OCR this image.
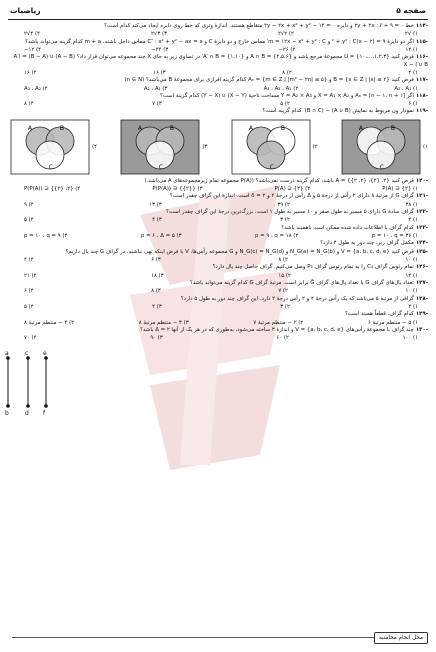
صفحه ۵
ریاضیات
-۱۱۴خط ۰ = ۹ + ۲y + ۲x : ℓ و دایره ۰ = ۱۴ − ۲y − ۲x + x² + y² متقاطع هستند. اندازهٔ وتری که خط روی دایره ایجاد می‌کند کدام است؟
۱) √۲
۲) ۲√۲
۳) ۳√۲
۴) ۴√۲
-۱۱۵اگر دو دایرهٔ ۹ = (x − ۲)² + y² : C و m = ۱۲x − x² + y² : C′ مماس خارج و دو دایرهٔ C و C″ : x² + y² − ax = a مماس داخل باشند، m + a کدام گزینه می‌تواند باشد؟
۱) ۱۲
۲) ۲۶−
۳) ۲۴−
۴) ۱۲−
-۱۱۶فرض کنید {۱،۲،۳،…،۱۰} = U مجموعهٔ مرجع باشد و {۴،۵،۶} = A ∩ B و {۱،۱۰} = A′ ∩ B′ در تساوی زیر به جای X چند مجموعه می‌توان قرار داد؟ (A − B) ∪ (B − A) = (A′ ∪ B′) − X
۱) ۴
۲) ۸
۳) ۱۶
۴) ۱۶
-۱۱۷فرض کنید {x ∈ Z | |x| ≤ ۲} = B و {m ∈ Z | |m² − ۲n| ≤ ۵} = Aₙ کدام گزینه افرازی برای مجموعهٔ B می‌باشد؟ (n ∈ N)
۱) A₂ ، A₁
۲) A₃ ، A₂ ، A₁
۳) A₂ ، A₁
۴) A₃ ، A₂
-۱۱۸اگر [n − ۱، n + ۱] = Aₙ و X = A₁ × A₂ و Y = A₂ × A₃ مساحت ناحیهٔ (X − Y) ∪ (Y − X) کدام گزینه است؟
۱) ۶
۲) ۵
۳) ۷
۴) ۸
-۱۱۹نمودار ون مربوط به نمایش (A ∪ B) − (B ∩ C)′ کدام گزینه است؟
۱)
A	B
C
۲)
A	B
C
۳)
A	B
C
۴)
A	B
C
-۱۲۰قرض کنید {۲، {۲}، {۲، ۲}} = A باشد، کدام گزینه درست نمی‌باشد؟ (P(A) مجموعه تمام زیرمجموعه‌های A می‌باشد.)
۱) {۲} ∈ P(A)
۲) {۲} ⊆ P(A)
۳) {{۲}} ∈ P(P(A))
۴) {۲، {۲}} ⊆ P(P(A))
-۱۲۱گراف G از مرتبهٔ ۸ دارای ۲ رأس از درجهٔ ۵ و Δ رأس از درجهٔ ۲ و δ = ۲ است. اندازهٔ این گراف چقدر است؟
۱) ۳۸
۲) ۳۹
۳) ۱۳
۴) ۹
-۱۲۲گراف سادهٔ G دارای ۵ مسیر به طول صفر و ۱۰ مسیر به طول ۱ است. بزرگ‌ترین درجهٔ این گراف چقدر است؟
۱) ۲
۲) ۳
۳) ۴
۴) ۵
-۱۲۳کدام گراف با اطلاعات داده شده ممکن است ناهمبند باشد؟
۱) p = ۱۰ ، q = ۳۶
۲) p = ۹ ، q = ۱۸
۳) p = ۶ ، Δ = ۵
۴) p = ۱۰ ، q = ۹
-۱۲۴مکمل گراف زیر، چند دور به طول ۴ دارد؟
-۱۲۵فرض کنید {a، b، c، d، e} = V و N_G(a) = N_G(b) و N_G(c) = N_G(d) و G مجموعه رأس‌ها، V با فرض اینکه تهی نباشند، در گراف G چند یال داریم؟
۱) ۱۰
۲) ۸
۳) ۶
۴) ۴
-۱۲۶تمام رئوس گراف C₄ را به تمام رئوس گراف P₃ وصل می‌کنیم. گراف حاصل چند یال دارد؟
۱) ۱۲
۲) ۱۵
۳) ۱۸
۴) ۲۱
-۱۲۷تعداد یال‌های گراف G با تعداد یال‌های گراف Ḡ برابر است. مرتبهٔ گراف G کدام گزینه می‌تواند باشد؟
۱) ۱۰
۲) ۷
۳) ۸
۴) ۶
-۱۲۸گرافی از مرتبهٔ ۵ می‌باشد که یک رأس درجهٔ ۴ و ۲ رأس درجهٔ ۲ دارد. این گراف چند دور به طول ۵ دارد؟
۱) ۲
۲) ۳
۳) ۴
۴) ۵
-۱۲۹کدام گراف، قطعاً همبند است؟
۱) ۵ − منتظم مرتبهٔ ۶
۲) ۲ − منتظم مرتبهٔ ۷
۳) ۳ − منتظم مرتبهٔ ۸
۴) ۴ − منتظم مرتبهٔ ۸
-۱۳۰چند گراف با مجموعهٔ رأس‌های {a، b، c، d، e} = V و اندازهٔ ۳ ساخته می‌شود، به‌طوری که در هر یک از آنها Δ = ۲ باشد؟
۱) ۱۰۰
۲) ۶۰
۳) ۹۰
۴) ۷۰
a
b
c
d
e
f
محل انجام محاسبه
